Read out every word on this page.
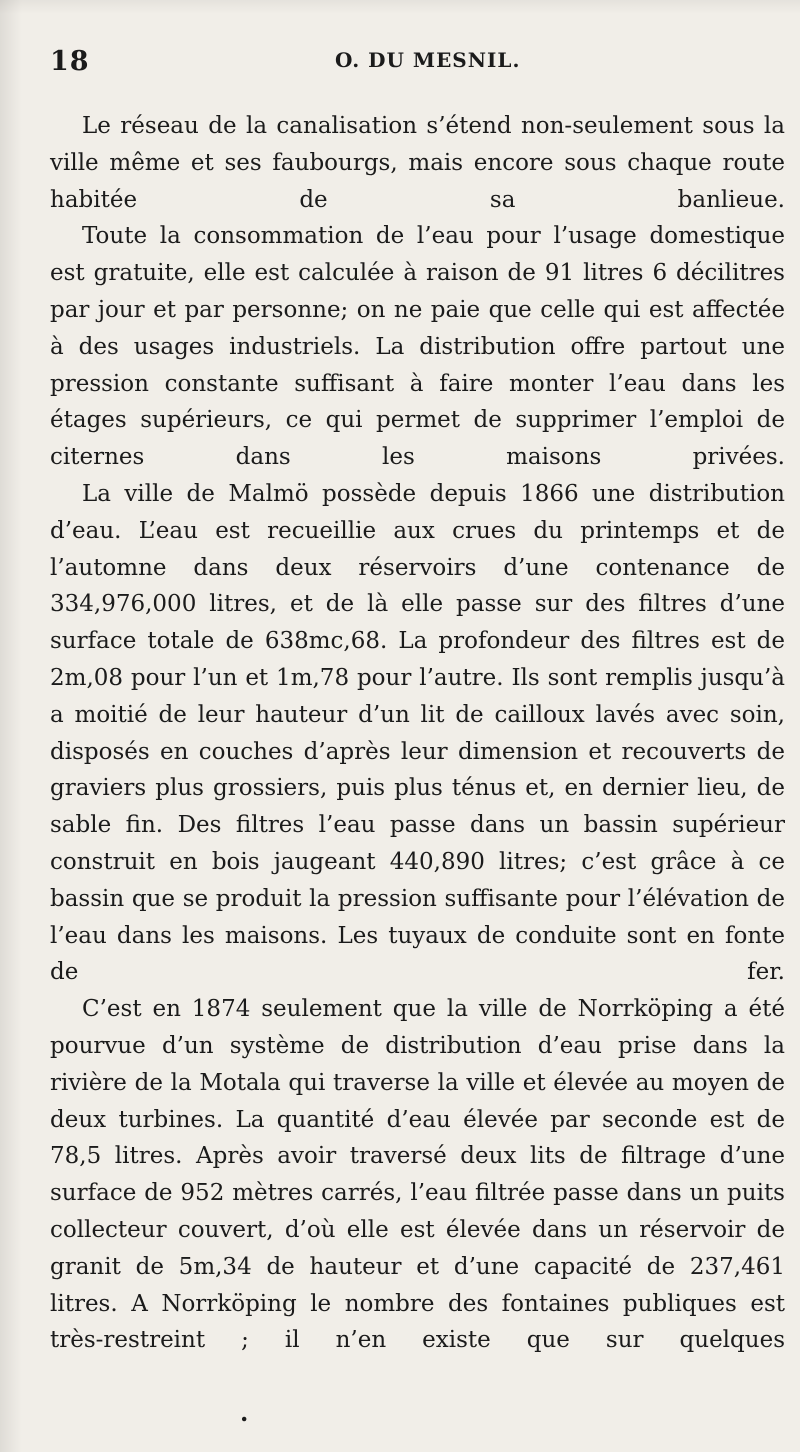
18	O. DU MESNIL.

Le réseau de la canalisation s’étend non-seulement sous la ville même et ses faubourgs, mais encore sous chaque route habitée de sa banlieue.

Toute la consommation de l’eau pour l’usage domestique est gratuite, elle est calculée à raison de 91 litres 6 décilitres par jour et par personne; on ne paie que celle qui est affectée à des usages industriels. La distribution offre partout une pression constante suffisant à faire monter l’eau dans les étages supérieurs, ce qui permet de supprimer l’emploi de citernes dans les maisons privées.

La ville de Malmö possède depuis 1866 une distribution d’eau. L’eau est recueillie aux crues du printemps et de l’automne dans deux réservoirs d’une contenance de 334,976,000 litres, et de là elle passe sur des filtres d’une surface totale de 638mc,68. La profondeur des filtres est de 2m,08 pour l’un et 1m,78 pour l’autre. Ils sont remplis jusqu’à a moitié de leur hauteur d’un lit de cailloux lavés avec soin, disposés en couches d’après leur dimension et recouverts de graviers plus grossiers, puis plus ténus et, en dernier lieu, de sable fin. Des filtres l’eau passe dans un bassin supérieur construit en bois jaugeant 440,890 litres; c’est grâce à ce bassin que se produit la pression suffisante pour l’élévation de l’eau dans les maisons. Les tuyaux de conduite sont en fonte de fer.

C’est en 1874 seulement que la ville de Norrköping a été pourvue d’un système de distribution d’eau prise dans la rivière de la Motala qui traverse la ville et élevée au moyen de deux turbines. La quantité d’eau élevée par seconde est de 78,5 litres. Après avoir traversé deux lits de filtrage d’une surface de 952 mètres carrés, l’eau filtrée passe dans un puits collecteur couvert, d’où elle est élevée dans un réservoir de granit de 5m,34 de hauteur et d’une capacité de 237,461 litres. A Norrköping le nombre des fontaines publiques est très-restreint ; il n’en existe que sur quelques

.
